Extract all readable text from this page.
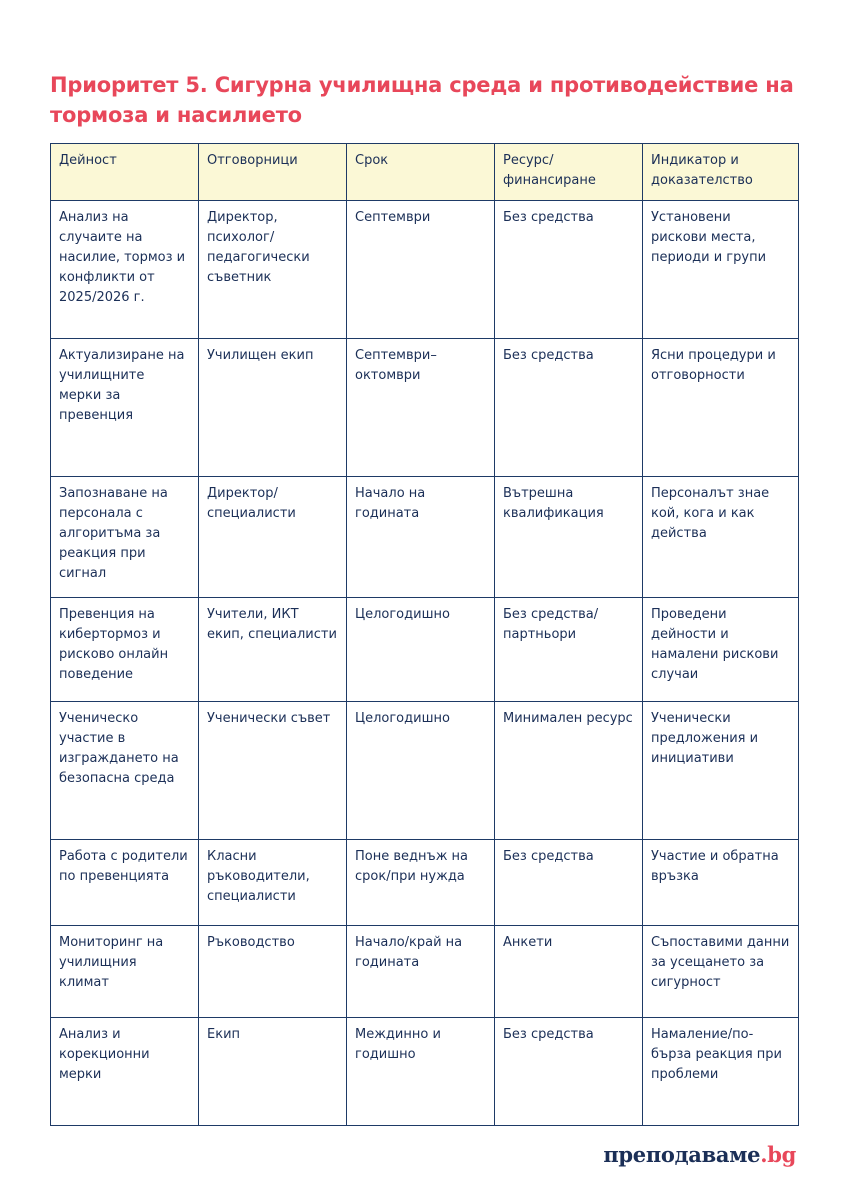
Приоритет 5. Сигурна училищна среда и противодействие на тормоза и насилието
Дейност	Отговорници	Срок	Ресурс/ финансиране	Индикатор и доказателство
Анализ на случаите на насилие, тормоз и конфликти от 2025/2026 г.	Директор, психолог/ педагогически съветник	Септември	Без средства	Установени рискови места, периоди и групи
Актуализиране на училищните мерки за превенция	Училищен екип	Септември–октомври	Без средства	Ясни процедури и отговорности
Запознаване на персонала с алгоритъма за реакция при сигнал	Директор/ специалисти	Начало на годината	Вътрешна квалификация	Персоналът знае кой, кога и как действа
Превенция на кибертормоз и рисково онлайн поведение	Учители, ИКТ екип, специалисти	Целогодишно	Без средства/ партньори	Проведени дейности и намалени рискови случаи
Ученическо участие в изграждането на безопасна среда	Ученически съвет	Целогодишно	Минимален ресурс	Ученически предложения и инициативи
Работа с родители по превенцията	Класни ръководители, специалисти	Поне веднъж на срок/при нужда	Без средства	Участие и обратна връзка
Мониторинг на училищния климат	Ръководство	Начало/край на годината	Анкети	Съпоставими данни за усещането за сигурност
Анализ и корекционни мерки	Екип	Междинно и годишно	Без средства	Намаление/по-бърза реакция при проблеми
преподаваме.bg
